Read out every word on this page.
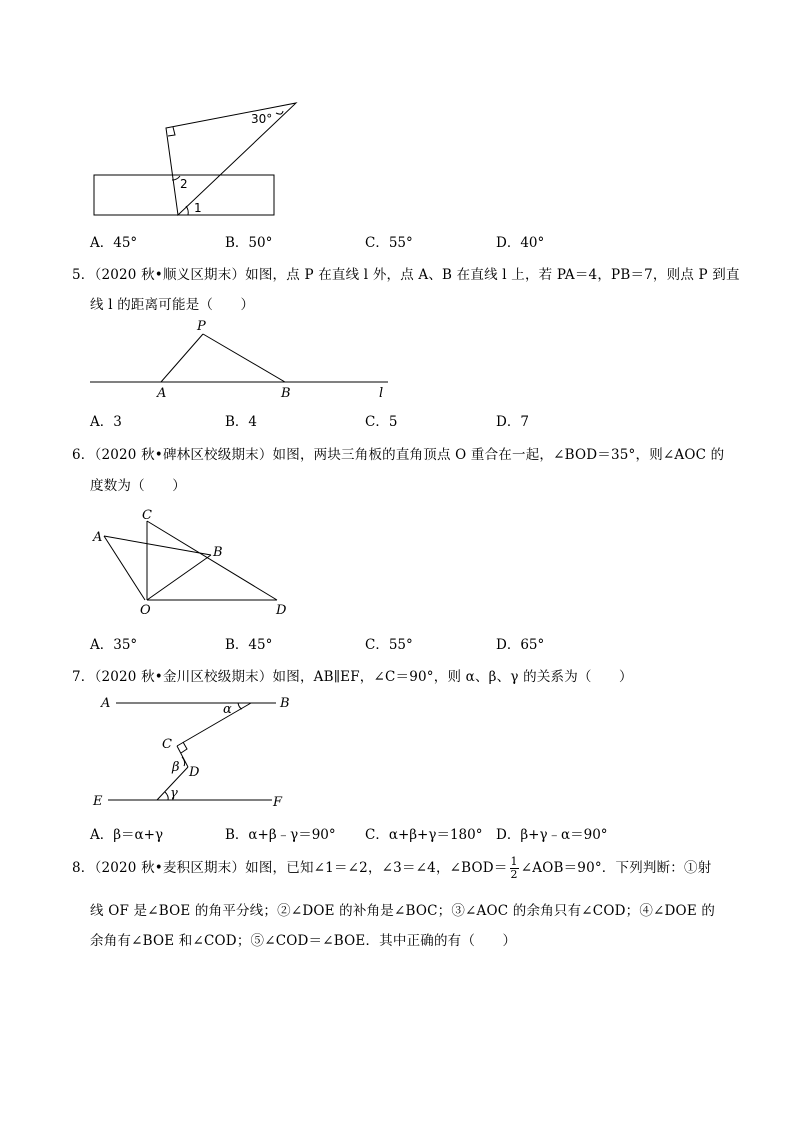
30°
2
1
A．45°	B．50°	C．55°	D．40°
5．（2020 秋•顺义区期末）如图，点 P 在直线 l 外，点 A、B 在直线 l 上，若 PA＝4，PB＝7，则点 P 到直
线 l 的距离可能是（　　）
P
A	B	l
A．3	B．4	C．5	D．7
6．（2020 秋•碑林区校级期末）如图，两块三角板的直角顶点 O 重合在一起，∠BOD＝35°，则∠AOC 的
度数为（　　）
A
C
B
O	D
A．35°	B．45°	C．55°	D．65°
7．（2020 秋•金川区校级期末）如图，AB∥EF，∠C＝90°，则 α、β、γ 的关系为（　　）
A	B
α
C
β D
γ
E	F
A．β＝α+γ	B．α+β﹣γ＝90° C．α+β+γ＝180° D．β+γ﹣α＝90°
8．（2020 秋•麦积区期末）如图，已知∠1＝∠2，∠3＝∠4，∠BOD＝ $\frac{1}{2}$ ∠AOB＝90°．下列判断：①射
线 OF 是∠BOE 的角平分线；②∠DOE 的补角是∠BOC；③∠AOC 的余角只有∠COD；④∠DOE 的
余角有∠BOE 和∠COD；⑤∠COD＝∠BOE．其中正确的有（　　）
